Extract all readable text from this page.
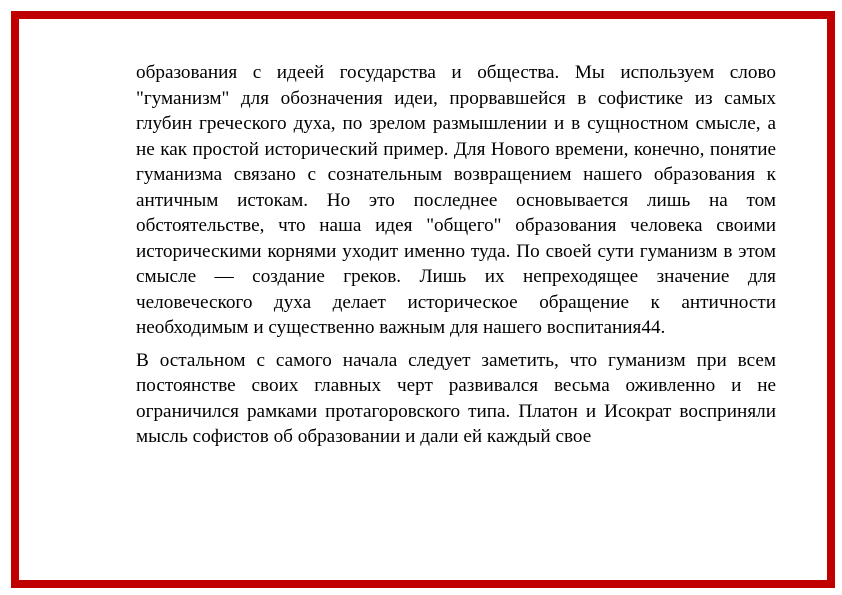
образования с идеей государства и общества. Мы используем слово "гуманизм" для обозначения идеи, прорвавшейся в софистике из самых глубин греческого духа, по зрелом размышлении и в сущностном смысле, а не как простой исторический пример. Для Нового времени, конечно, понятие гуманизма связано с сознательным возвращением нашего образования к античным истокам. Но это последнее основывается лишь на том обстоятельстве, что наша идея "общего" образования человека своими историческими корнями уходит именно туда. По своей сути гуманизм в этом смысле — создание греков. Лишь их непреходящее значение для человеческого духа делает историческое обращение к античности необходимым и существенно важным для нашего воспитания44.

В остальном с самого начала следует заметить, что гуманизм при всем постоянстве своих главных черт развивался весьма оживленно и не ограничился рамками протагоровского типа. Платон и Исократ восприняли мысль софистов об образовании и дали ей каждый свое
